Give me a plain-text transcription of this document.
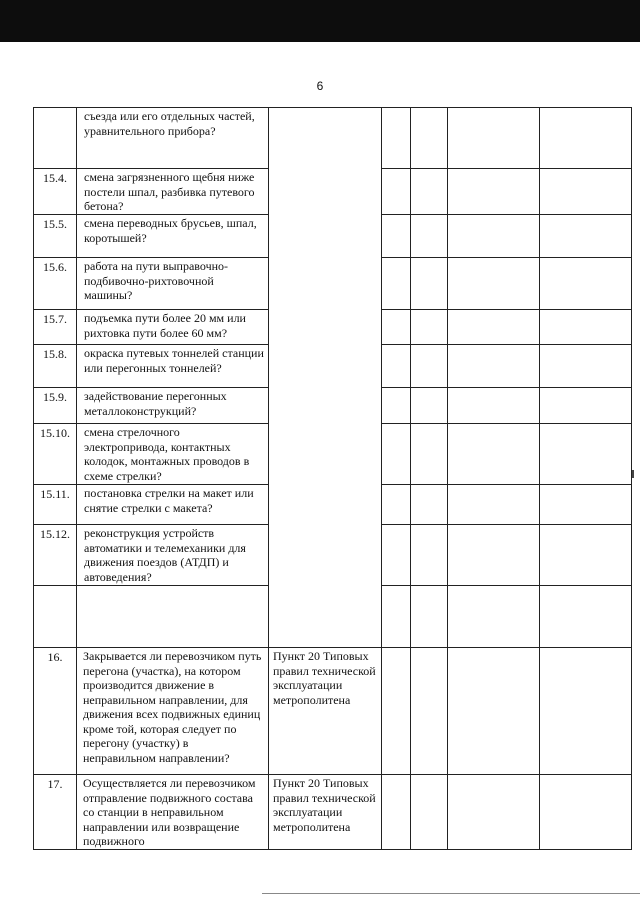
6
	съезда или его отдельных частей, уравнительного прибора?					
15.4.	смена загрязненного щебня ниже постели шпал, разбивка путевого бетона?					
15.5.	смена переводных брусьев, шпал, коротышей?					
15.6.	работа на пути выправочно-подбивочно-рихтовочной машины?					
15.7.	подъемка пути более 20 мм или рихтовка пути более 60 мм?					
15.8.	окраска путевых тоннелей станции или перегонных тоннелей?					
15.9.	задействование перегонных металлоконструкций?					
15.10.	смена стрелочного электропривода, контактных колодок, монтажных проводов в схеме стрелки?					
15.11.	постановка стрелки на макет или снятие стрелки с макета?					
15.12.	реконструкция устройств автоматики и телемеханики для движения поездов (АТДП) и автоведения?					

16.	Закрывается ли перевозчиком путь перегона (участка), на котором производится движение в неправильном направлении, для движения всех подвижных единиц кроме той, которая следует по перегону (участку) в неправильном направлении?	Пункт 20 Типовых правил технической эксплуатации метрополитена				
17.	Осуществляется ли перевозчиком отправление подвижного состава со станции в неправильном направлении или возвращение подвижного	Пункт 20 Типовых правил технической эксплуатации метрополитена				
